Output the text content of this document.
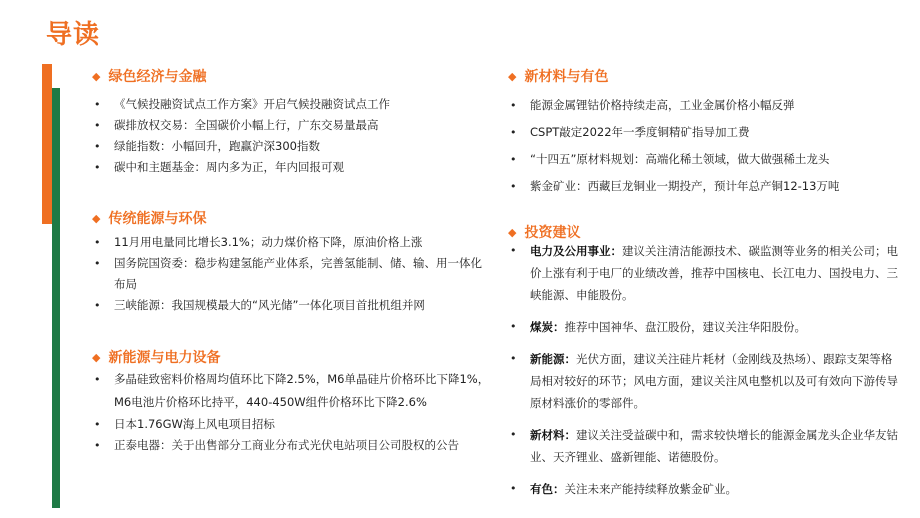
导读
◆ 绿色经济与金融
• 《气候投融资试点工作方案》开启气候投融资试点工作
• 碳排放权交易：全国碳价小幅上行，广东交易量最高
• 绿能指数：小幅回升，跑赢沪深300指数
• 碳中和主题基金：周内多为正，年内回报可观
◆ 传统能源与环保
• 11月用电量同比增长3.1%；动力煤价格下降，原油价格上涨
• 国务院国资委：稳步构建氢能产业体系，完善氢能制、储、输、用一体化布局
• 三峡能源：我国规模最大的“风光储”一体化项目首批机组并网
◆ 新能源与电力设备
• 多晶硅致密料价格周均值环比下降2.5%，M6单晶硅片价格环比下降1%，M6电池片价格环比持平，440-450W组件价格环比下降2.6%
• 日本1.76GW海上风电项目招标
• 正泰电器：关于出售部分工商业分布式光伏电站项目公司股权的公告
◆ 新材料与有色
• 能源金属锂钴价格持续走高，工业金属价格小幅反弹
• CSPT敲定2022年一季度铜精矿指导加工费
• “十四五”原材料规划：高端化稀土领域，做大做强稀土龙头
• 紫金矿业：西藏巨龙铜业一期投产，预计年总产铜12-13万吨
◆ 投资建议
• 电力及公用事业：建议关注清洁能源技术、碳监测等业务的相关公司；电价上涨有利于电厂的业绩改善，推荐中国核电、长江电力、国投电力、三峡能源、申能股份。
• 煤炭：推荐中国神华、盘江股份，建议关注华阳股份。
• 新能源：光伏方面，建议关注硅片耗材（金刚线及热场）、跟踪支架等格局相对较好的环节；风电方面，建议关注风电整机以及可有效向下游传导原材料涨价的零部件。
• 新材料：建议关注受益碳中和，需求较快增长的能源金属龙头企业华友钴业、天齐锂业、盛新锂能、诺德股份。
• 有色：关注未来产能持续释放紫金矿业。
